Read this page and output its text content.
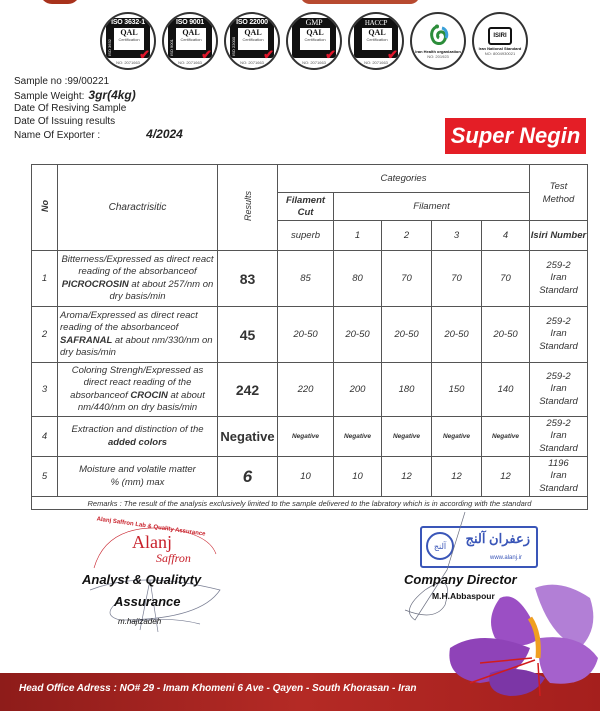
ISO 3632-1
ISO 3632
QAL
Certification
✔
NO: 2071663
ISO 9001
ISO 9001
QAL
Certification
✔
NO: 2071663
ISO 22000
ISO 22000
QAL
Certification
✔
NO: 2071663
GMP
QAL
Certification
✔
NO: 2071663
HACCP
QAL
Certification
✔
NO: 2071663
Iran Health organization
NO: 201923
ISIRI
Iran National Standard
NO: 8004930021
Sample no :99/00221
Sample Weight: 3gr(4kg)
Date Of Resiving Sample
Date Of Issuing results
Name Of Exporter :	4/2024	Super Negin
No	Charactrisitic	Results	Categories					Test Method
			Filament Cut	Filament				
			superb	1	2	3	4	Isiri Number
1	Bitterness/Expressed as direct react reading of the absorbanceof PICROCROSIN at about 257/nm on dry basis/min	83	85	80	70	70	70	259-2
Iran Standard
2	Aroma/Expressed as direct react reading of the absorbanceof SAFRANAL at about nm/330/nm on dry basis/min	45	20-50	20-50	20-50	20-50	20-50	259-2
Iran Standard
3	Coloring Strengh/Expressed as direct react reading of the absorbanceof CROCIN at about nm/440/nm on dry basis/min	242	220	200	180	150	140	259-2
Iran Standard
4	Extraction and distinction of the added colors	Negative	Negative	Negative	Negative	Negative	Negative	259-2
Iran Standard
5	Moisture and volatile matter % (mm) max	6	10	10	12	12	12	1196
Iran Standard
Remarks : The result of the analysis exclusively limited to the sample delivered to the labratory which is in according with the standard								
Alanj Saffron Lab & Quality Assurance
Alanj
Saffron
Analyst & Qualityty
Assurance
m.hajizadeh
آلنج	زعفران آلنج
www.alanj.ir
Company Director
M.H.Abbaspour
Head Office Adress : NO# 29 - Imam Khomeni 6 Ave - Qayen - South Khorasan - Iran
